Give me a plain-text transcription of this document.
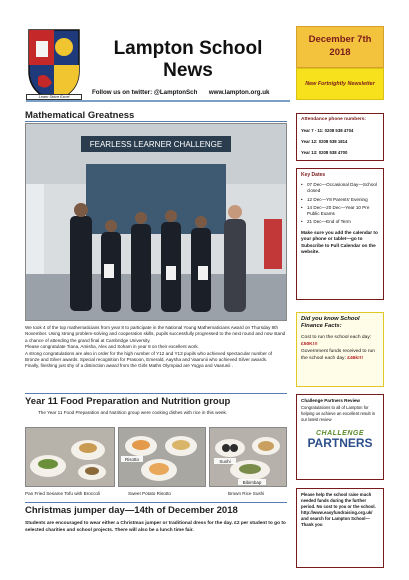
Learn Strive Excel
Lampton School
News
Follow us on twitter: @LamptonSch www.lampton.org.uk
December 7th
2018
New Fortnightly Newsletter
Mathematical Greatness
FEARLESS LEARNER CHALLENGE

We took 4 of the top mathematicians from year 8 to participate in the National Young Mathematicians Award on Thursday 8th November. Using strong problem-solving and cooperation skills, pupils successfully progressed to the next round and now stand a chance of attending the grand final at Cambridge University.

Please congratulate Tiana, Amisha, Alex and Soham in year 8 on their excellent work.

A strong congratulations are also in order for the high number of Y12 and Y13 pupils who achieved spectacular number of Bronze and Silver awards. Special recognition for Prasoon, Emerald, Aaysha and Vaarunii who achieved Silver awards.

Finally, finishing just shy of a distinction award from the Girls Maths Olympiad are Yogya and Vaarunii .

Year 11 Food Preparation and Nutrition group
The Year 11 Food Preparation and Nutrition group were cooking dishes with rice in this week.
Risotto	Sushi
Bibimbap
Pan Fried Sesame Tofu with Broccoli	Sweet Potato Risotto	Brown Rice Sushi
Christmas jumper day—14th of December 2018
Students are encouraged to wear either a Christmas jumper or traditional dress for the day. £2 per student to go to selected charities and school projects. There will also be a lunch time fair.
Attendance phone numbers:
Year 7 - 11: 0208 538 4704
Year 12: 0208 538 1814
Year 13: 0208 538 4700
Key Dates
• 07 Dec—Occasional Day—School closed
• 12 Dec—Y8 Parents' Evening
• 14 Dec—20 Dec—Year 10 Pre Public Exams
• 21 Dec—End of Term
Make sure you add the calendar to your phone or tablet—go to Subscribe to Full Calendar on the website.
Did you know School Finance Facts:
Cost to run the school each day: £50K!!!
Government funds received to run the school each day: £46k!!!
Challenge Partners Review
Congratulations to all of Lampton for helping us achieve an excellent result in our latest review
CHALLENGE
PARTNERS
Please help the school raise much needed funds during the further period. No cost to you or the school. http://www.easyfundraising.org.uk/ and search for Lampton School—Thank you
